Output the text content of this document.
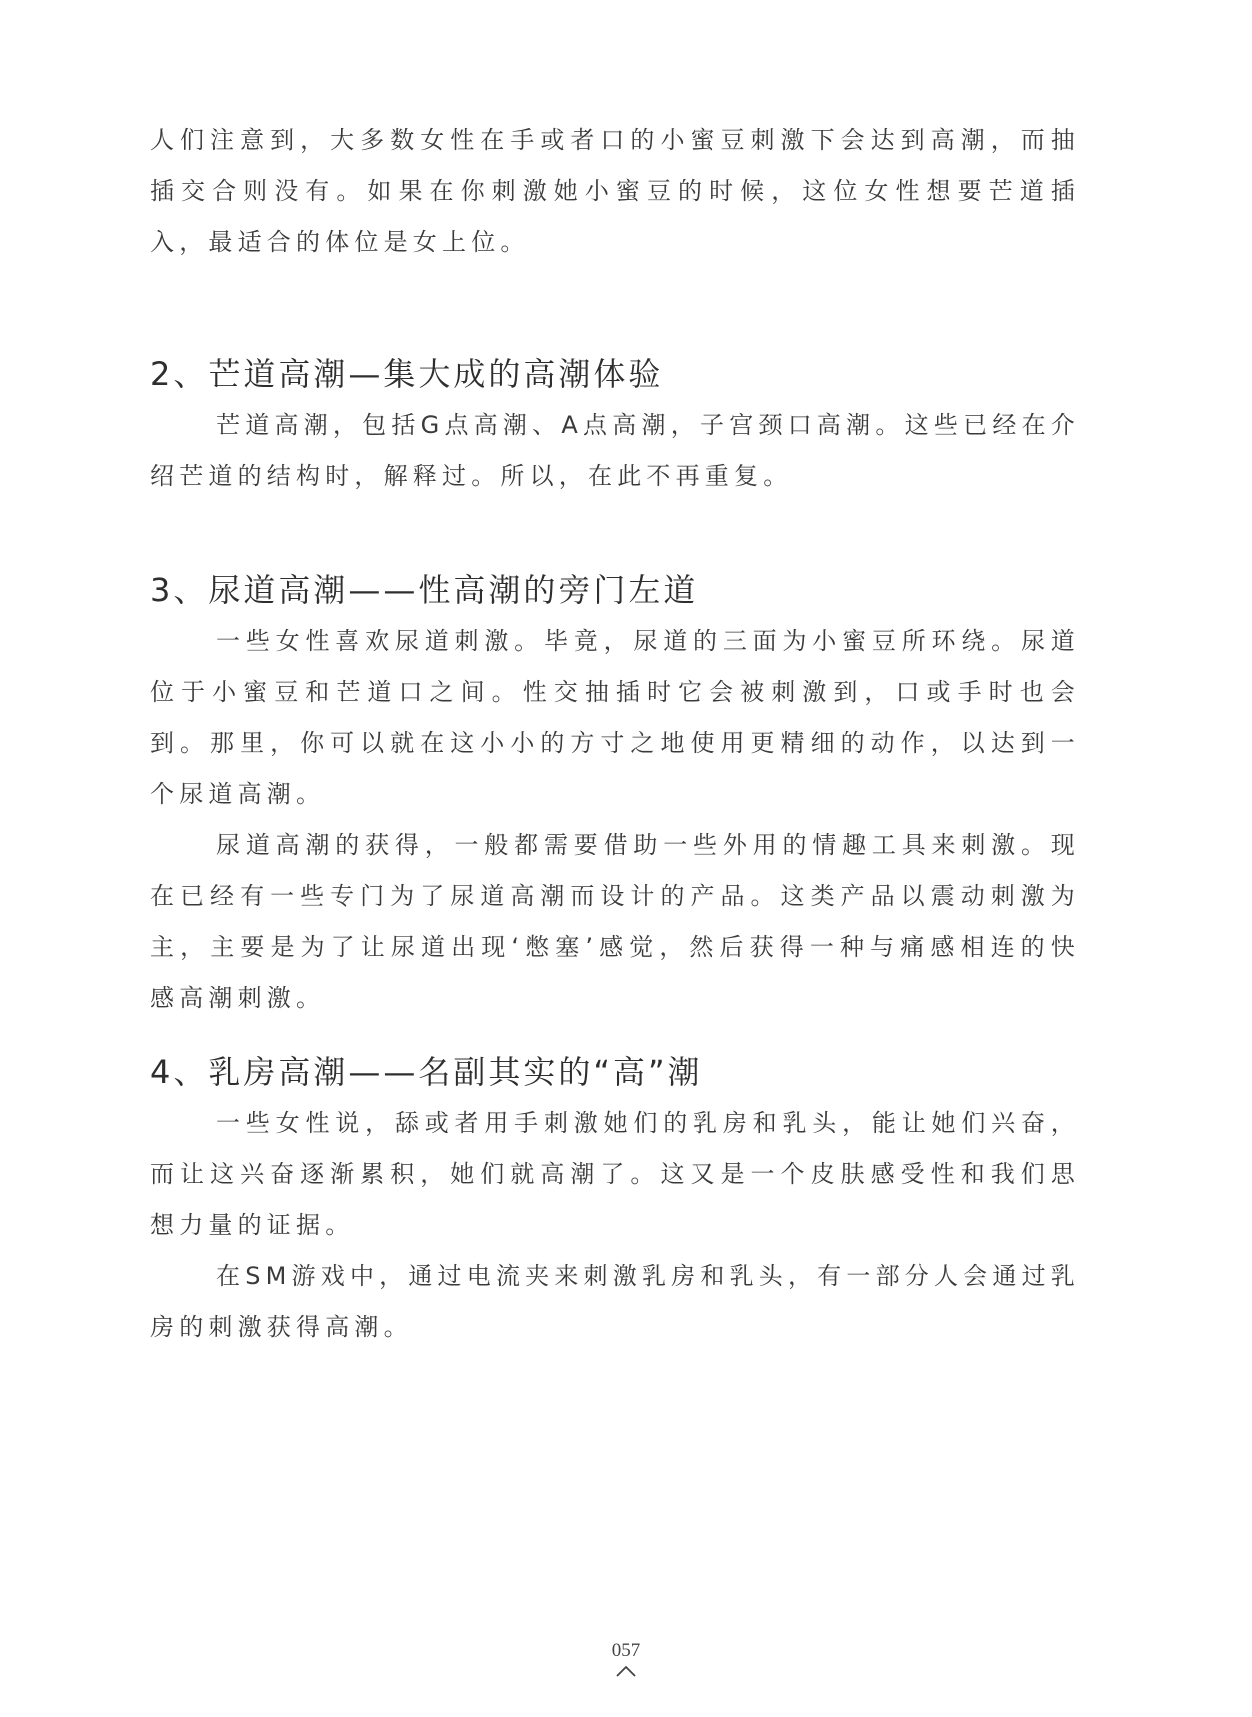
人们注意到，大多数女性在手或者口的小蜜豆刺激下会达到高潮，而抽插交合则没有。如果在你刺激她小蜜豆的时候，这位女性想要芒道插入，最适合的体位是女上位。

2、芒道高潮—集大成的高潮体验

芒道高潮，包括G点高潮、A点高潮，子宫颈口高潮。这些已经在介绍芒道的结构时，解释过。所以，在此不再重复。

3、尿道高潮——性高潮的旁门左道

一些女性喜欢尿道刺激。毕竟，尿道的三面为小蜜豆所环绕。尿道位于小蜜豆和芒道口之间。性交抽插时它会被刺激到，口或手时也会到。那里，你可以就在这小小的方寸之地使用更精细的动作，以达到一个尿道高潮。

尿道高潮的获得，一般都需要借助一些外用的情趣工具来刺激。现在已经有一些专门为了尿道高潮而设计的产品。这类产品以震动刺激为主，主要是为了让尿道出现‘憋塞’感觉，然后获得一种与痛感相连的快感高潮刺激。

4、乳房高潮——名副其实的“高”潮

一些女性说，舔或者用手刺激她们的乳房和乳头，能让她们兴奋，而让这兴奋逐渐累积，她们就高潮了。这又是一个皮肤感受性和我们思想力量的证据。

在SM游戏中，通过电流夹来刺激乳房和乳头，有一部分人会通过乳房的刺激获得高潮。

057
